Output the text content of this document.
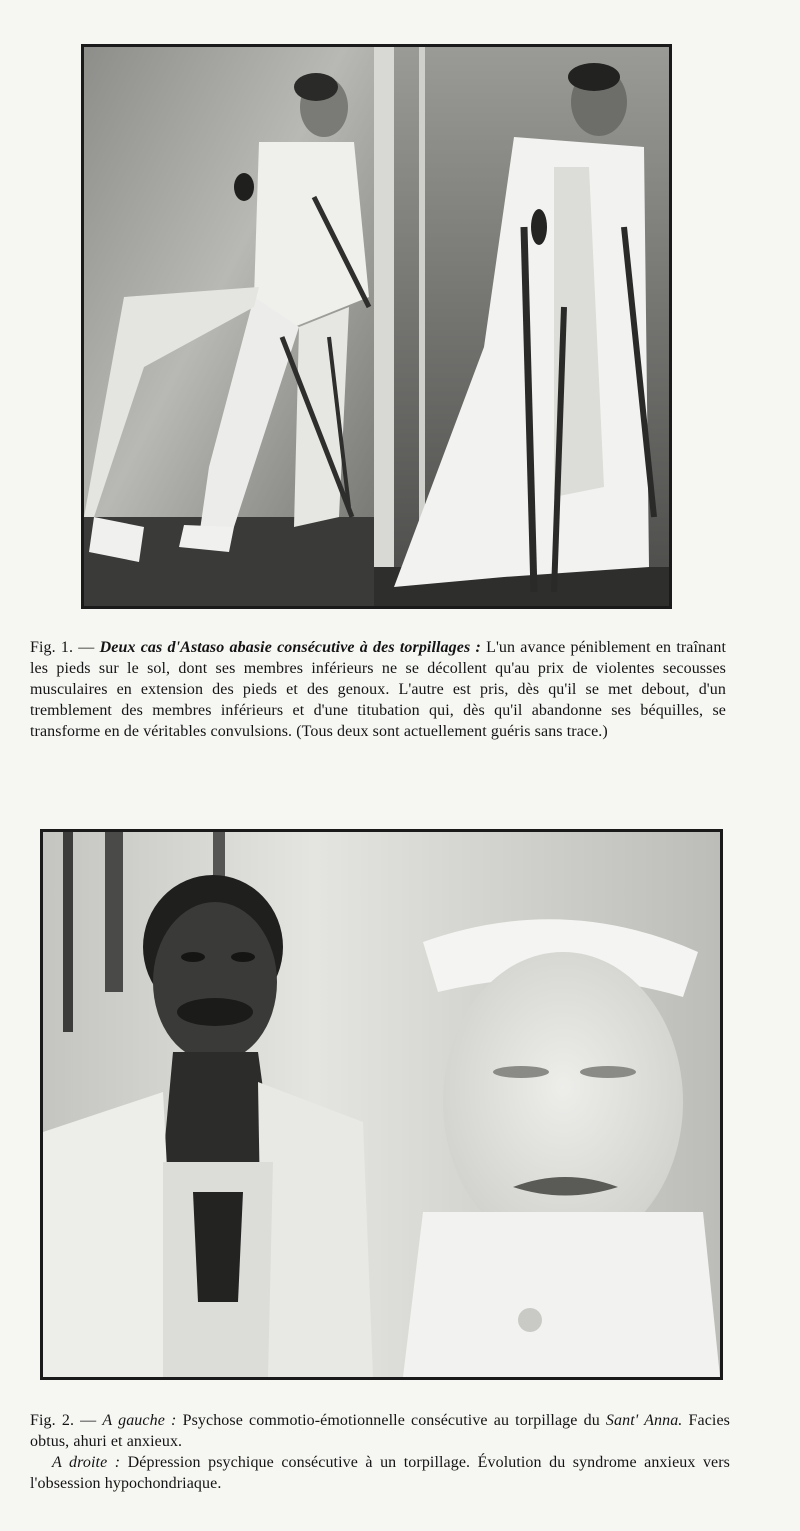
Fig. 1. — Deux cas d'Astaso abasie consécutive à des torpillages : L'un avance péniblement en traînant les pieds sur le sol, dont ses membres inférieurs ne se décollent qu'au prix de violentes secousses musculaires en extension des pieds et des genoux. L'autre est pris, dès qu'il se met debout, d'un tremblement des membres inférieurs et d'une titubation qui, dès qu'il abandonne ses béquilles, se transforme en de véritables convulsions. (Tous deux sont actuellement guéris sans trace.)
Fig. 2. — A gauche : Psychose commotio-émotionnelle consécutive au torpillage du Sant' Anna. Facies obtus, ahuri et anxieux.
A droite : Dépression psychique consécutive à un torpillage. Évolution du syndrome anxieux vers l'obsession hypochondriaque.
